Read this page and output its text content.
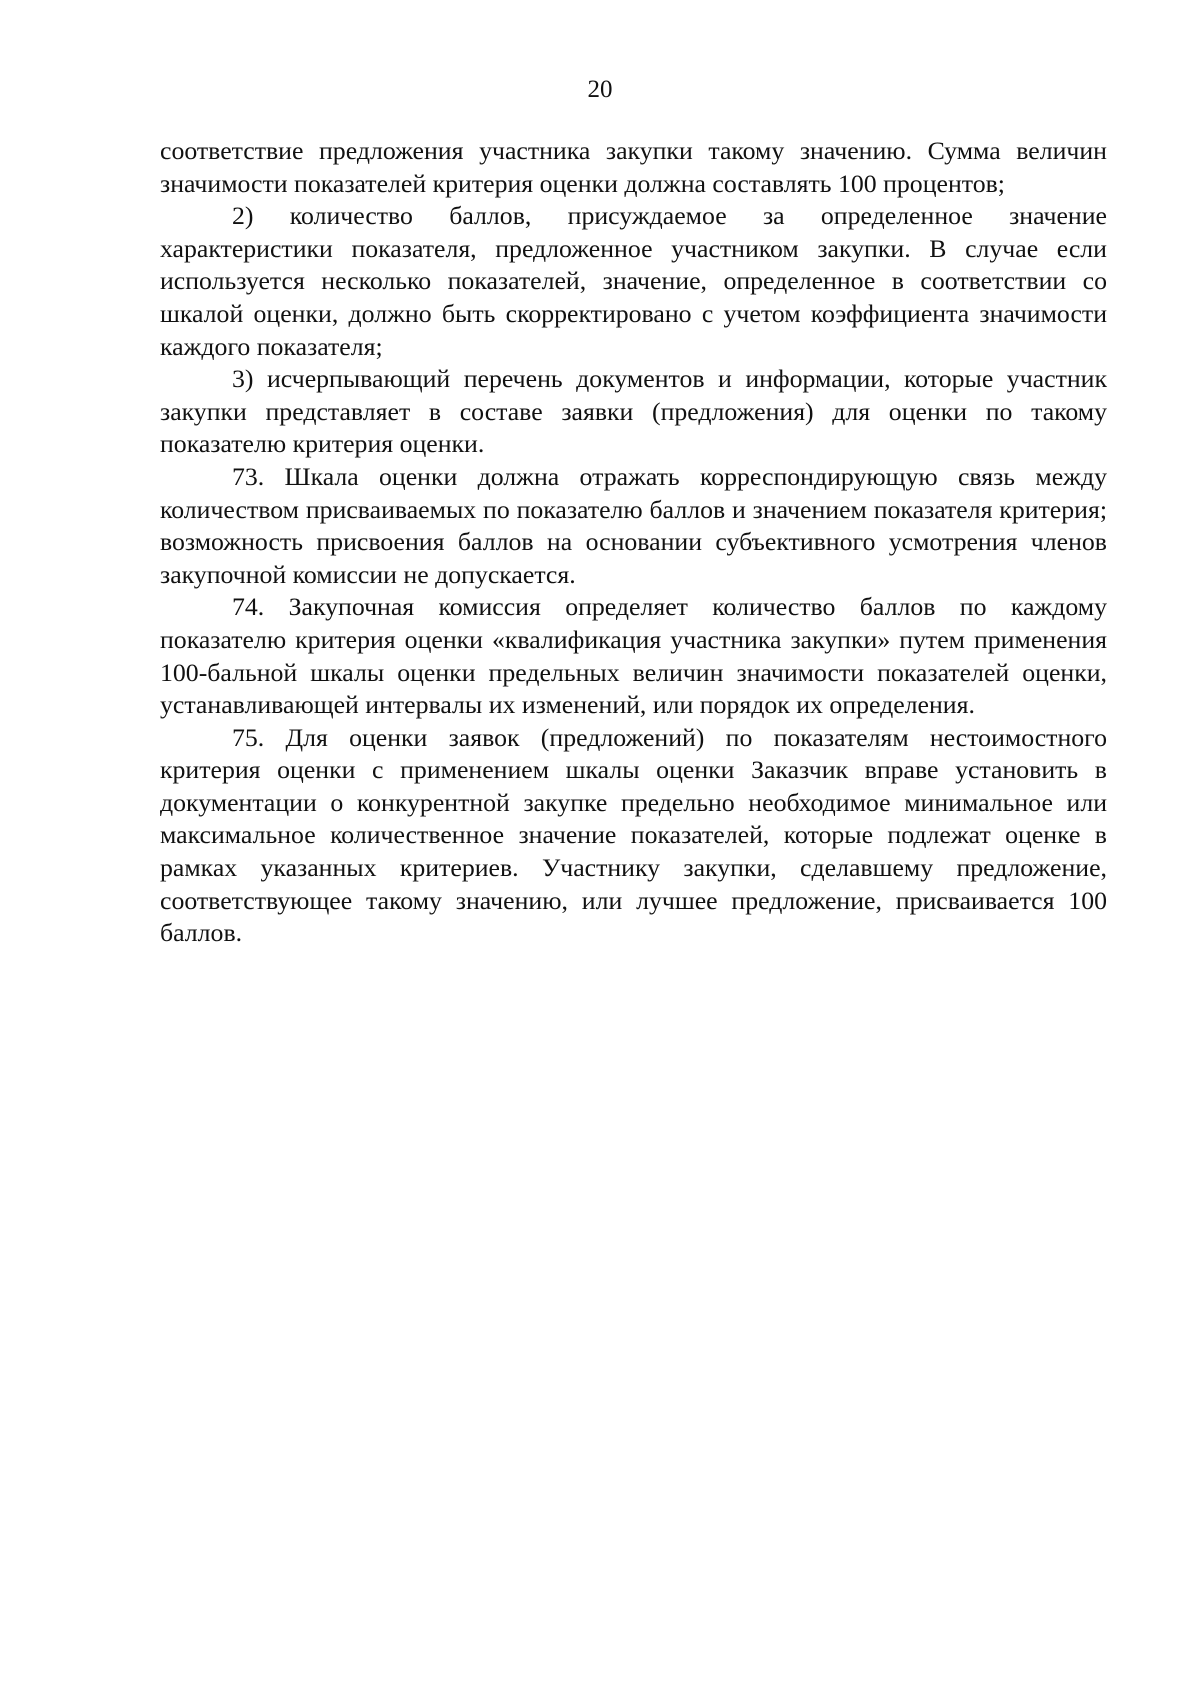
20

соответствие предложения участника закупки такому значению. Сумма величин значимости показателей критерия оценки должна составлять 100 процентов;

2) количество баллов, присуждаемое за определенное значение характеристики показателя, предложенное участником закупки. В случае если используется несколько показателей, значение, определенное в соответствии со шкалой оценки, должно быть скорректировано с учетом коэффициента значимости каждого показателя;

3) исчерпывающий перечень документов и информации, которые участник закупки представляет в составе заявки (предложения) для оценки по такому показателю критерия оценки.

73. Шкала оценки должна отражать корреспондирующую связь между количеством присваиваемых по показателю баллов и значением показателя критерия; возможность присвоения баллов на основании субъективного усмотрения членов закупочной комиссии не допускается.

74. Закупочная комиссия определяет количество баллов по каждому показателю критерия оценки «квалификация участника закупки» путем применения 100-бальной шкалы оценки предельных величин значимости показателей оценки, устанавливающей интервалы их изменений, или порядок их определения.

75. Для оценки заявок (предложений) по показателям нестоимостного критерия оценки с применением шкалы оценки Заказчик вправе установить в документации о конкурентной закупке предельно необходимое минимальное или максимальное количественное значение показателей, которые подлежат оценке в рамках указанных критериев. Участнику закупки, сделавшему предложение, соответствующее такому значению, или лучшее предложение, присваивается 100 баллов.
